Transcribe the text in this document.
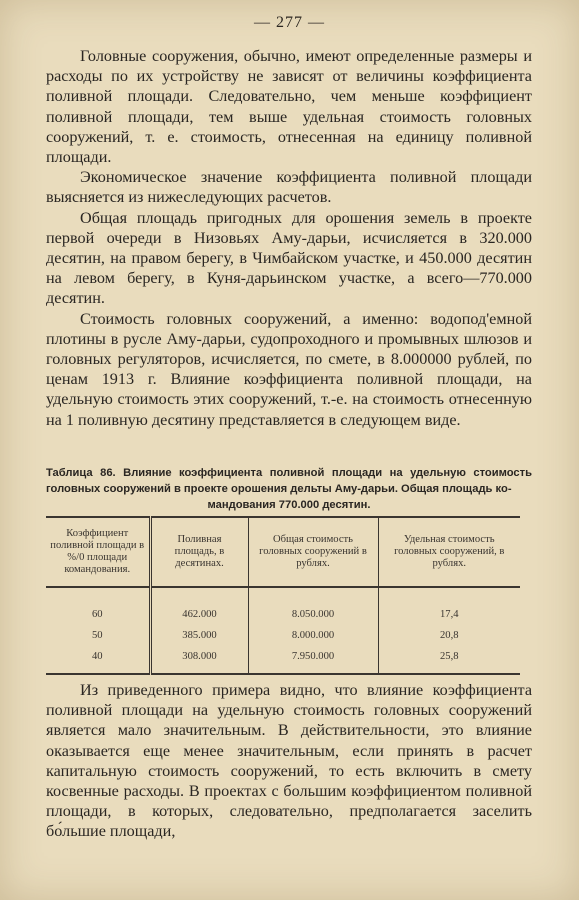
— 277 —

Головные сооружения, обычно, имеют определенные размеры и расходы по их устройству не зависят от величины коэффициента поливной площади. Следовательно, чем меньше коэффициент поливной площади, тем выше удельная стоимость головных сооружений, т. е. стоимость, отнесенная на единицу поливной площади.

Экономическое значение коэффициента поливной площади выясняется из нижеследующих расчетов.

Общая площадь пригодных для орошения земель в проекте первой очереди в Низовьях Аму-дарьи, исчисляется в 320.000 десятин, на правом берегу, в Чимбайском участке, и 450.000 десятин на левом берегу, в Куня-дарьинском участке, а всего—770.000 десятин.

Стоимость головных сооружений, а именно: водопод'емной плотины в русле Аму-дарьи, судопроходного и промывных шлюзов и головных регуляторов, исчисляется, по смете, в 8.000000 рублей, по ценам 1913 г. Влияние коэффициента поливной площади, на удельную стоимость этих сооружений, т.-е. на стоимость отнесенную на 1 поливную десятину представляется в следующем виде.

Таблица 86. Влияние коэффициента поливной площади на удельную стоимость головных сооружений в проекте орошения дельты Аму-дарьи. Общая площадь ко-
мандования 770.000 десятин.
Коэффициент поливной площади в %/0 площади командования.	Поливная площадь, в десятинах.	Общая стоимость головных сооружений в рублях.	Удельная стоимость головных сооружений, в рублях.
60	462.000	8.050.000	17,4
50	385.000	8.000.000	20,8
40	308.000	7.950.000	25,8

Из приведенного примера видно, что влияние коэффициента поливной площади на удельную стоимость головных сооружений является мало значительным. В действительности, это влияние оказывается еще менее значительным, если принять в расчет капитальную стоимость сооружений, то есть включить в смету косвенные расходы. В проектах с большим коэффициентом поливной площади, в которых, следовательно, предполагается заселить бо́льшие площади,
